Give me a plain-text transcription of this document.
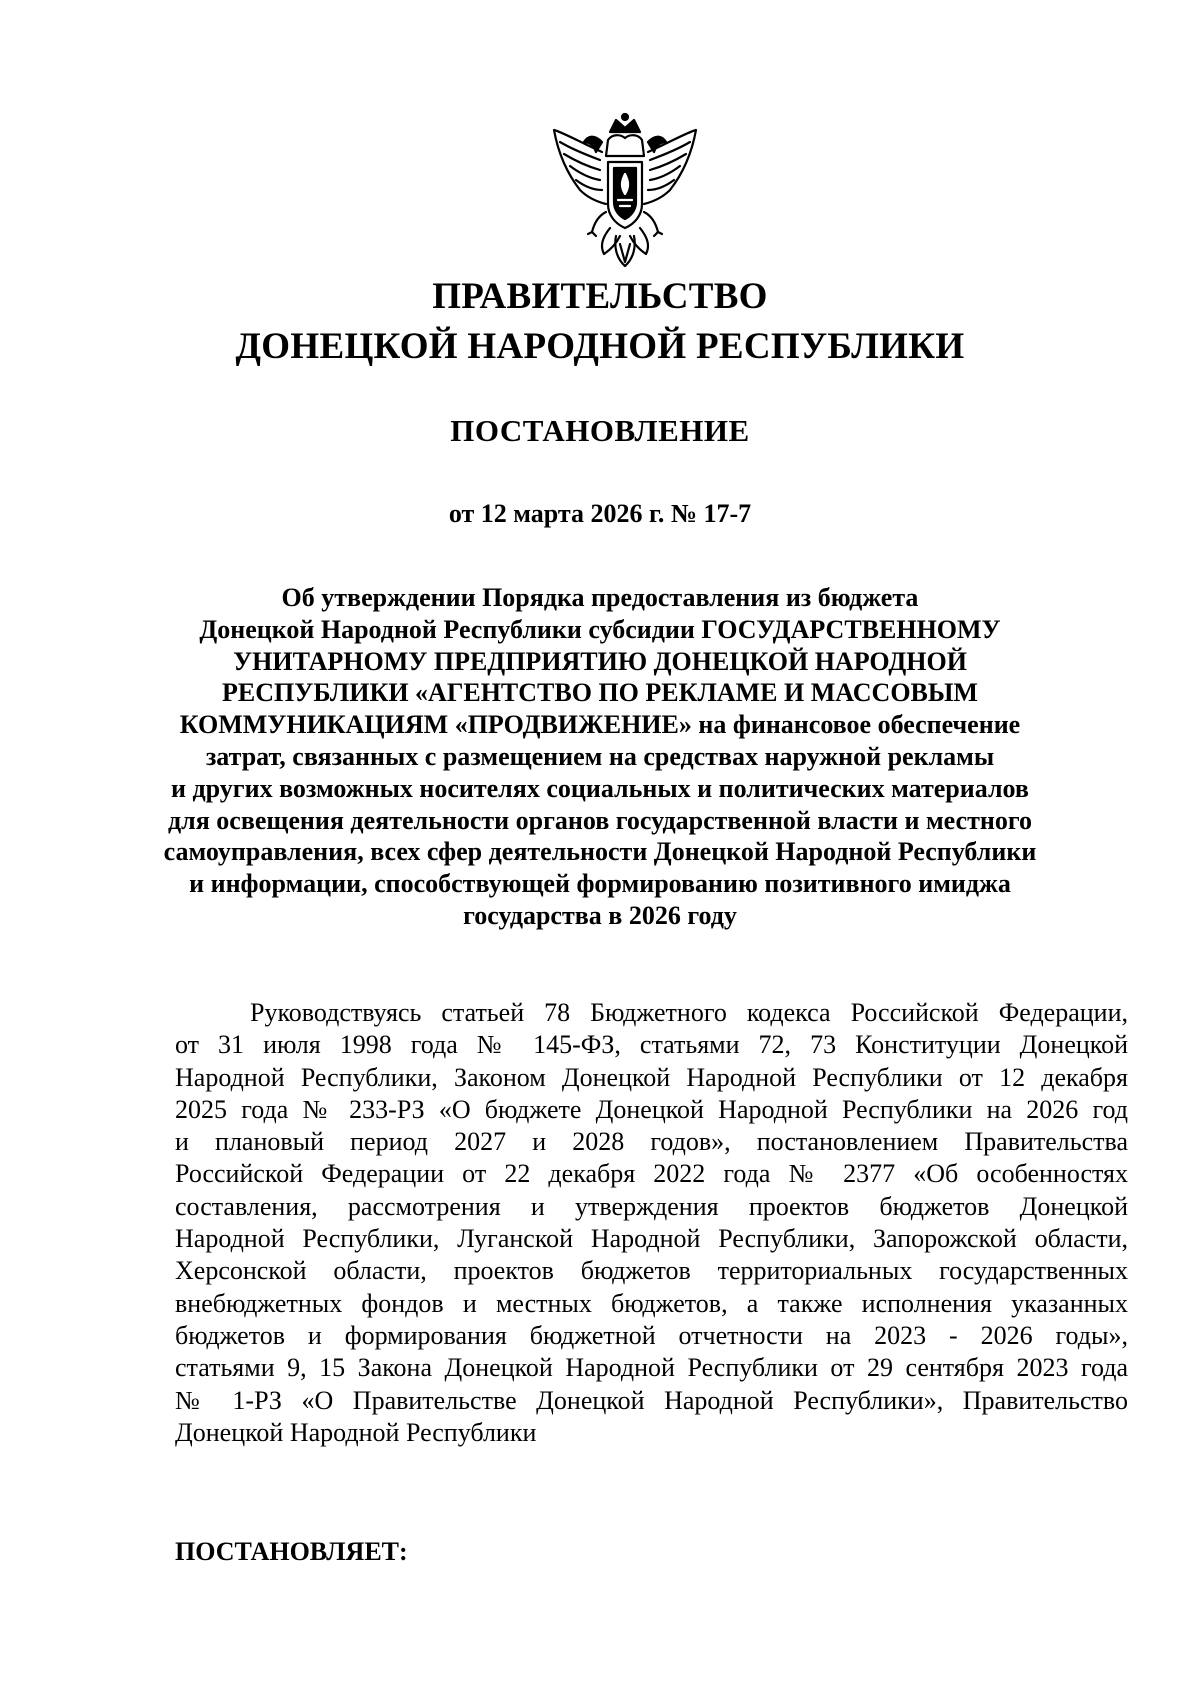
ПРАВИТЕЛЬСТВО
ДОНЕЦКОЙ НАРОДНОЙ РЕСПУБЛИКИ
ПОСТАНОВЛЕНИЕ
от 12 марта 2026 г. № 17-7
Об утверждении Порядка предоставления из бюджета
Донецкой Народной Республики субсидии ГОСУДАРСТВЕННОМУ
УНИТАРНОМУ ПРЕДПРИЯТИЮ ДОНЕЦКОЙ НАРОДНОЙ
РЕСПУБЛИКИ «АГЕНТСТВО ПО РЕКЛАМЕ И МАССОВЫМ
КОММУНИКАЦИЯМ «ПРОДВИЖЕНИЕ» на финансовое обеспечение
затрат, связанных с размещением на средствах наружной рекламы
и других возможных носителях социальных и политических материалов
для освещения деятельности органов государственной власти и местного
самоуправления, всех сфер деятельности Донецкой Народной Республики
и информации, способствующей формированию позитивного имиджа
государства в 2026 году
Руководствуясь статьей 78 Бюджетного кодекса Российской Федерации,
от 31 июля 1998 года № 145-ФЗ, статьями 72, 73 Конституции Донецкой
Народной Республики, Законом Донецкой Народной Республики от 12 декабря
2025 года № 233-РЗ «О бюджете Донецкой Народной Республики на 2026 год
и плановый период 2027 и 2028 годов», постановлением Правительства
Российской Федерации от 22 декабря 2022 года № 2377 «Об особенностях
составления, рассмотрения и утверждения проектов бюджетов Донецкой
Народной Республики, Луганской Народной Республики, Запорожской области,
Херсонской области, проектов бюджетов территориальных государственных
внебюджетных фондов и местных бюджетов, а также исполнения указанных
бюджетов и формирования бюджетной отчетности на 2023 - 2026 годы»,
статьями 9, 15 Закона Донецкой Народной Республики от 29 сентября 2023 года
№ 1-РЗ «О Правительстве Донецкой Народной Республики», Правительство
Донецкой Народной Республики
ПОСТАНОВЛЯЕТ:
